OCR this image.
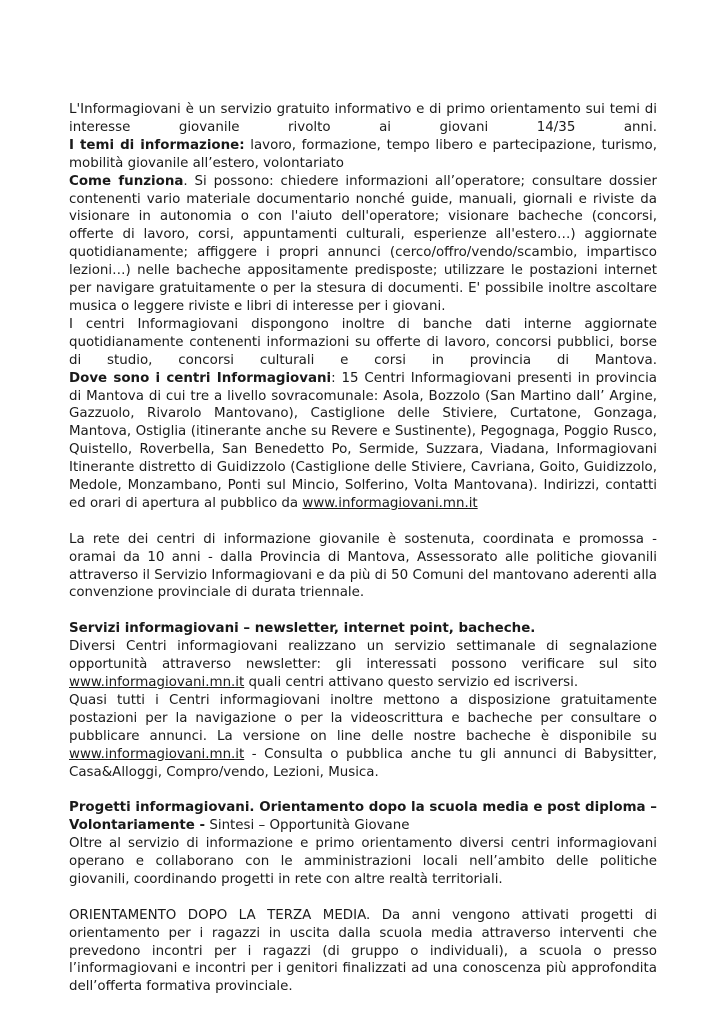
L'Informagiovani è un servizio gratuito informativo e di primo orientamento sui temi di interesse giovanile rivolto ai giovani 14/35 anni.

I temi di informazione: lavoro, formazione, tempo libero e partecipazione, turismo, mobilità giovanile all’estero, volontariato

Come funziona. Si possono: chiedere informazioni all’operatore; consultare dossier contenenti vario materiale documentario nonché guide, manuali, giornali e riviste da visionare in autonomia o con l'aiuto dell'operatore; visionare bacheche (concorsi, offerte di lavoro, corsi, appuntamenti culturali, esperienze all'estero…) aggiornate quotidianamente; affiggere i propri annunci (cerco/offro/vendo/scambio, impartisco lezioni…) nelle bacheche appositamente predisposte; utilizzare le postazioni internet per navigare gratuitamente o per la stesura di documenti. E' possibile inoltre ascoltare musica o leggere riviste e libri di interesse per i giovani.

I centri Informagiovani dispongono inoltre di banche dati interne aggiornate quotidianamente contenenti informazioni su offerte di lavoro, concorsi pubblici, borse di studio, concorsi culturali e corsi in provincia di Mantova.

Dove sono i centri Informagiovani: 15 Centri Informagiovani presenti in provincia di Mantova di cui tre a livello sovracomunale: Asola, Bozzolo (San Martino dall’ Argine, Gazzuolo, Rivarolo Mantovano), Castiglione delle Stiviere, Curtatone, Gonzaga, Mantova, Ostiglia (itinerante anche su Revere e Sustinente), Pegognaga, Poggio Rusco, Quistello, Roverbella, San Benedetto Po, Sermide, Suzzara, Viadana, Informagiovani Itinerante distretto di Guidizzolo (Castiglione delle Stiviere, Cavriana, Goito, Guidizzolo, Medole, Monzambano, Ponti sul Mincio, Solferino, Volta Mantovana). Indirizzi, contatti ed orari di apertura al pubblico da www.informagiovani.mn.it

La rete dei centri di informazione giovanile è sostenuta, coordinata e promossa - oramai da 10 anni - dalla Provincia di Mantova, Assessorato alle politiche giovanili attraverso il Servizio Informagiovani e da più di 50 Comuni del mantovano aderenti alla convenzione provinciale di durata triennale.

Servizi informagiovani – newsletter, internet point, bacheche.

Diversi Centri informagiovani realizzano un servizio settimanale di segnalazione opportunità attraverso newsletter: gli interessati possono verificare sul sito www.informagiovani.mn.it quali centri attivano questo servizio ed iscriversi.

Quasi tutti i Centri informagiovani inoltre mettono a disposizione gratuitamente postazioni per la navigazione o per la videoscrittura e bacheche per consultare o pubblicare annunci. La versione on line delle nostre bacheche è disponibile su www.informagiovani.mn.it - Consulta o pubblica anche tu gli annunci di Babysitter, Casa&Alloggi, Compro/vendo, Lezioni, Musica.

Progetti informagiovani. Orientamento dopo la scuola media e post diploma – Volontariamente - Sintesi – Opportunità Giovane

Oltre al servizio di informazione e primo orientamento diversi centri informagiovani operano e collaborano con le amministrazioni locali nell’ambito delle politiche giovanili, coordinando progetti in rete con altre realtà territoriali.

ORIENTAMENTO DOPO LA TERZA MEDIA. Da anni vengono attivati progetti di orientamento per i ragazzi in uscita dalla scuola media attraverso interventi che prevedono incontri per i ragazzi (di gruppo o individuali), a scuola o presso l’informagiovani e incontri per i genitori finalizzati ad una conoscenza più approfondita dell’offerta formativa provinciale.
